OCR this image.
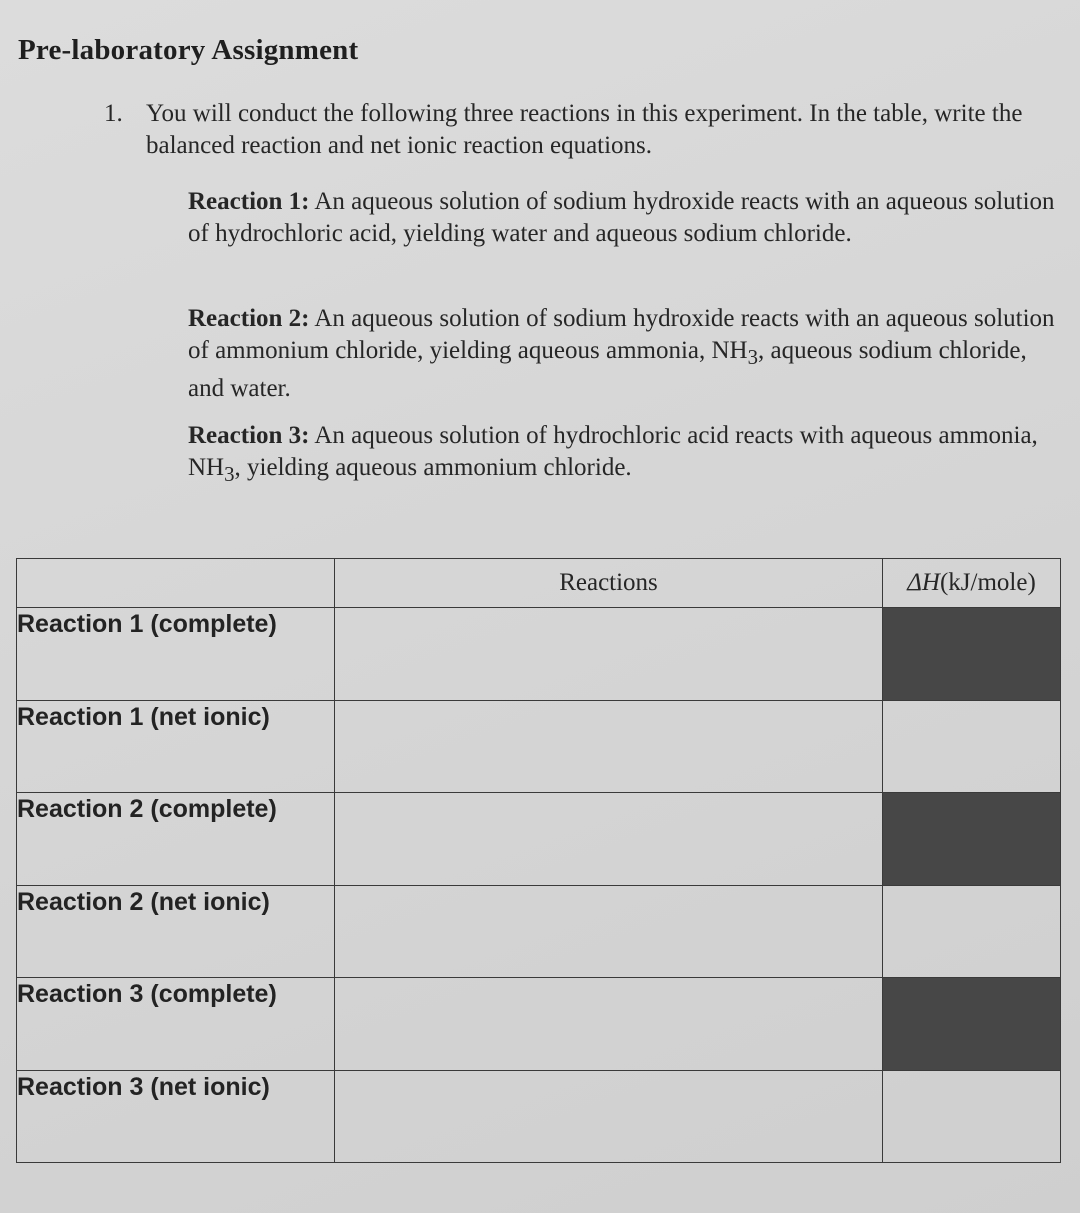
Pre-laboratory Assignment
1. You will conduct the following three reactions in this experiment. In the table, write the balanced reaction and net ionic reaction equations.
Reaction 1: An aqueous solution of sodium hydroxide reacts with an aqueous solution of hydrochloric acid, yielding water and aqueous sodium chloride.
Reaction 2: An aqueous solution of sodium hydroxide reacts with an aqueous solution of ammonium chloride, yielding aqueous ammonia, $NH_3$, aqueous sodium chloride, and water.
Reaction 3: An aqueous solution of hydrochloric acid reacts with aqueous ammonia, $NH_3$, yielding aqueous ammonium chloride.
	Reactions	ΔH(kJ/mole)
Reaction 1 (complete)		
Reaction 1 (net ionic)		
Reaction 2 (complete)		
Reaction 2 (net ionic)		
Reaction 3 (complete)		
Reaction 3 (net ionic)		
